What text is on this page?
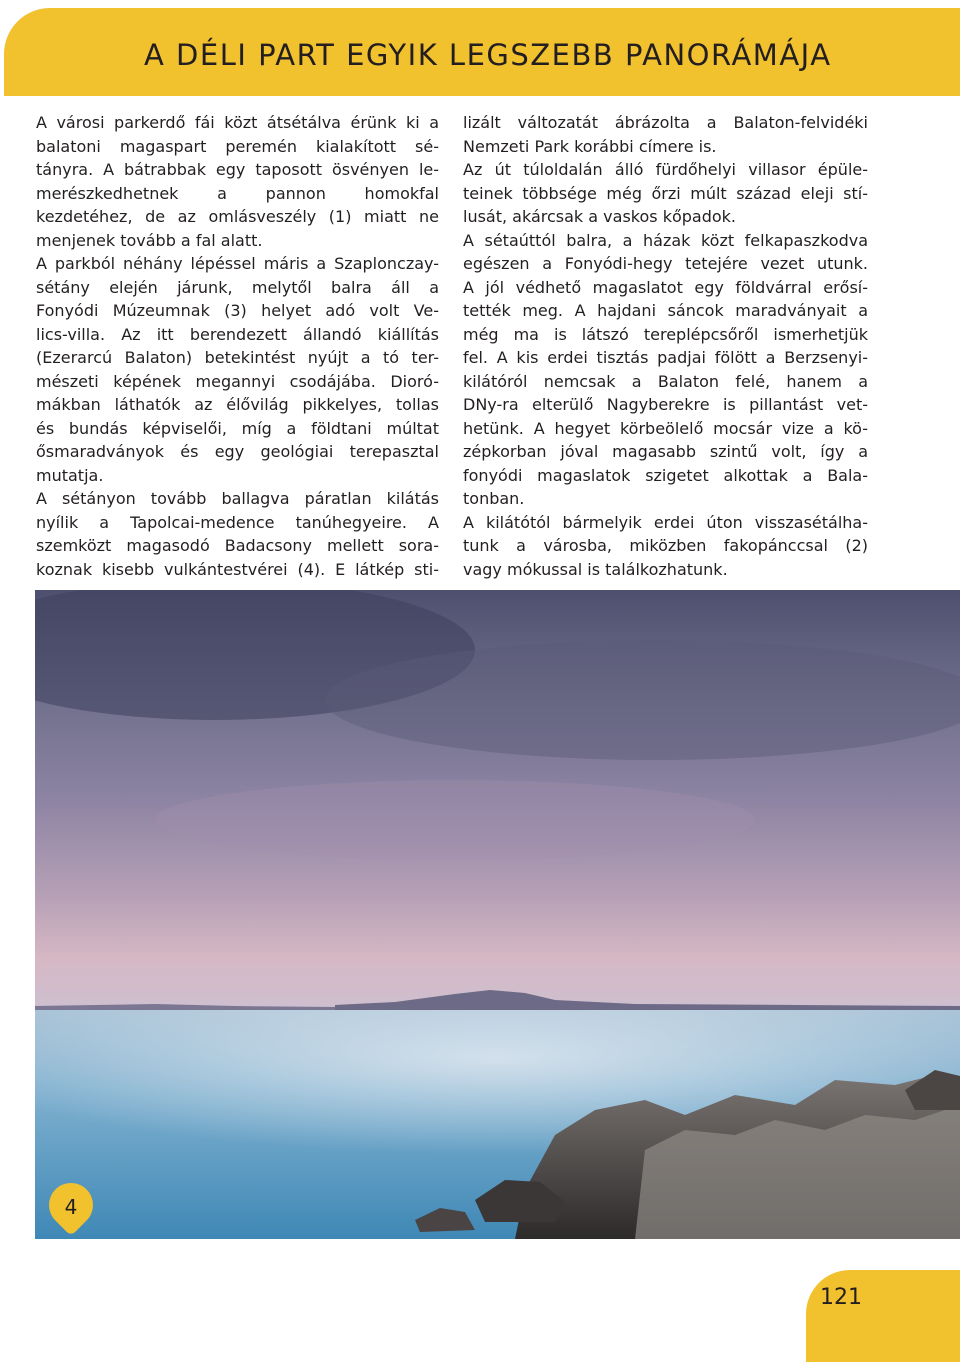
A DÉLI PART EGYIK LEGSZEBB PANORÁMÁJA
A városi parkerdő fái közt átsétálva érünk ki a
balatoni magaspart peremén kialakított sé-
tányra. A bátrabbak egy taposott ösvényen le-
merészkedhetnek a pannon homokfal
kezdetéhez, de az omlásveszély (1) miatt ne
menjenek tovább a fal alatt.
A parkból néhány lépéssel máris a Szaplonczay-
sétány elején járunk, melytől balra áll a
Fonyódi Múzeumnak (3) helyet adó volt Ve-
lics-villa. Az itt berendezett állandó kiállítás
(Ezerarcú Balaton) betekintést nyújt a tó ter-
mészeti képének megannyi csodájába. Dioró-
mákban láthatók az élővilág pikkelyes, tollas
és bundás képviselői, míg a földtani múltat
ősmaradványok és egy geológiai terepasztal
mutatja.
A sétányon tovább ballagva páratlan kilátás
nyílik a Tapolcai-medence tanúhegyeire. A
szemközt magasodó Badacsony mellett sora-
koznak kisebb vulkántestvérei (4). E látkép sti-
lizált változatát ábrázolta a Balaton-felvidéki
Nemzeti Park korábbi címere is.
Az út túloldalán álló fürdőhelyi villasor épüle-
teinek többsége még őrzi múlt század eleji stí-
lusát, akárcsak a vaskos kőpadok.
A sétaúttól balra, a házak közt felkapaszkodva
egészen a Fonyódi-hegy tetejére vezet utunk.
A jól védhető magaslatot egy földvárral erősí-
tették meg. A hajdani sáncok maradványait a
még ma is látszó tereplépcsőről ismerhetjük
fel. A kis erdei tisztás padjai fölött a Berzsenyi-
kilátóról nemcsak a Balaton felé, hanem a
DNy-ra elterülő Nagyberekre is pillantást vet-
hetünk. A hegyet körbeölelő mocsár vize a kö-
zépkorban jóval magasabb szintű volt, így a
fonyódi magaslatok szigetet alkottak a Bala-
tonban.
A kilátótól bármelyik erdei úton visszasétálha-
tunk a városba, miközben fakopánccsal (2)
vagy mókussal is találkozhatunk.
4
121
